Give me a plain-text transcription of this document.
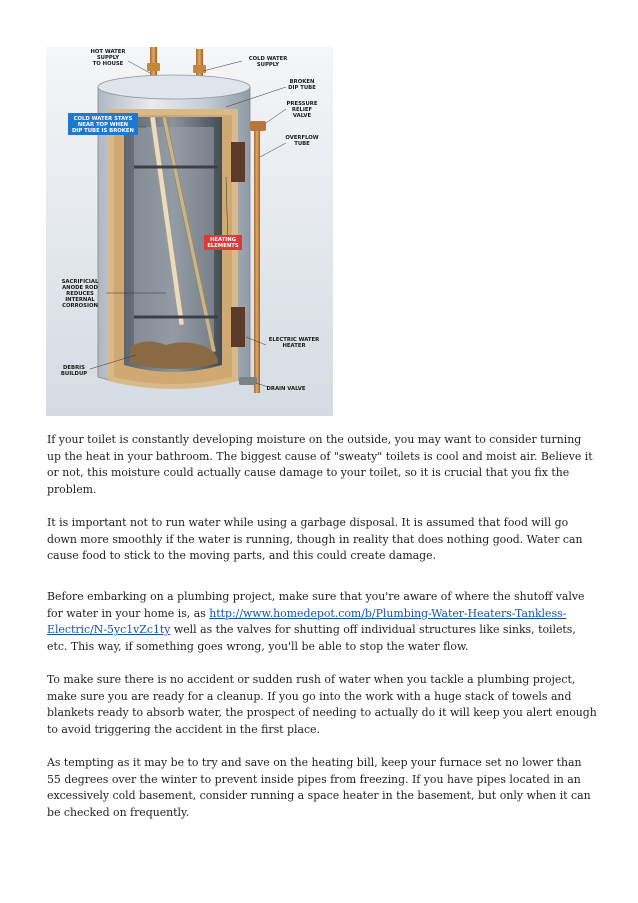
HOT WATER SUPPLY TO HOUSE
COLD WATER SUPPLY
BROKEN DIP TUBE
PRESSURE RELIEF VALVE
OVERFLOW TUBE
COLD WATER STAYS NEAR TOP WHEN DIP TUBE IS BROKEN
HEATING ELEMENTS
SACRIFICIAL ANODE ROD REDUCES INTERNAL CORROSION
ELECTRIC WATER HEATER
DEBRIS BUILDUP
DRAIN VALVE

If your toilet is constantly developing moisture on the outside, you may want to consider turning up the heat in your bathroom. The biggest cause of "sweaty" toilets is cool and moist air. Believe it or not, this moisture could actually cause damage to your toilet, so it is crucial that you fix the problem.

It is important not to run water while using a garbage disposal. It is assumed that food will go down more smoothly if the water is running, though in reality that does nothing good. Water can cause food to stick to the moving parts, and this could create damage.

Before embarking on a plumbing project, make sure that you're aware of where the shutoff valve for water in your home is, as http://www.homedepot.com/b/Plumbing-Water-Heaters-Tankless-Electric/N-5yc1vZc1ty well as the valves for shutting off individual structures like sinks, toilets, etc. This way, if something goes wrong, you'll be able to stop the water flow.

To make sure there is no accident or sudden rush of water when you tackle a plumbing project, make sure you are ready for a cleanup. If you go into the work with a huge stack of towels and blankets ready to absorb water, the prospect of needing to actually do it will keep you alert enough to avoid triggering the accident in the first place.

As tempting as it may be to try and save on the heating bill, keep your furnace set no lower than 55 degrees over the winter to prevent inside pipes from freezing. If you have pipes located in an excessively cold basement, consider running a space heater in the basement, but only when it can be checked on frequently.
